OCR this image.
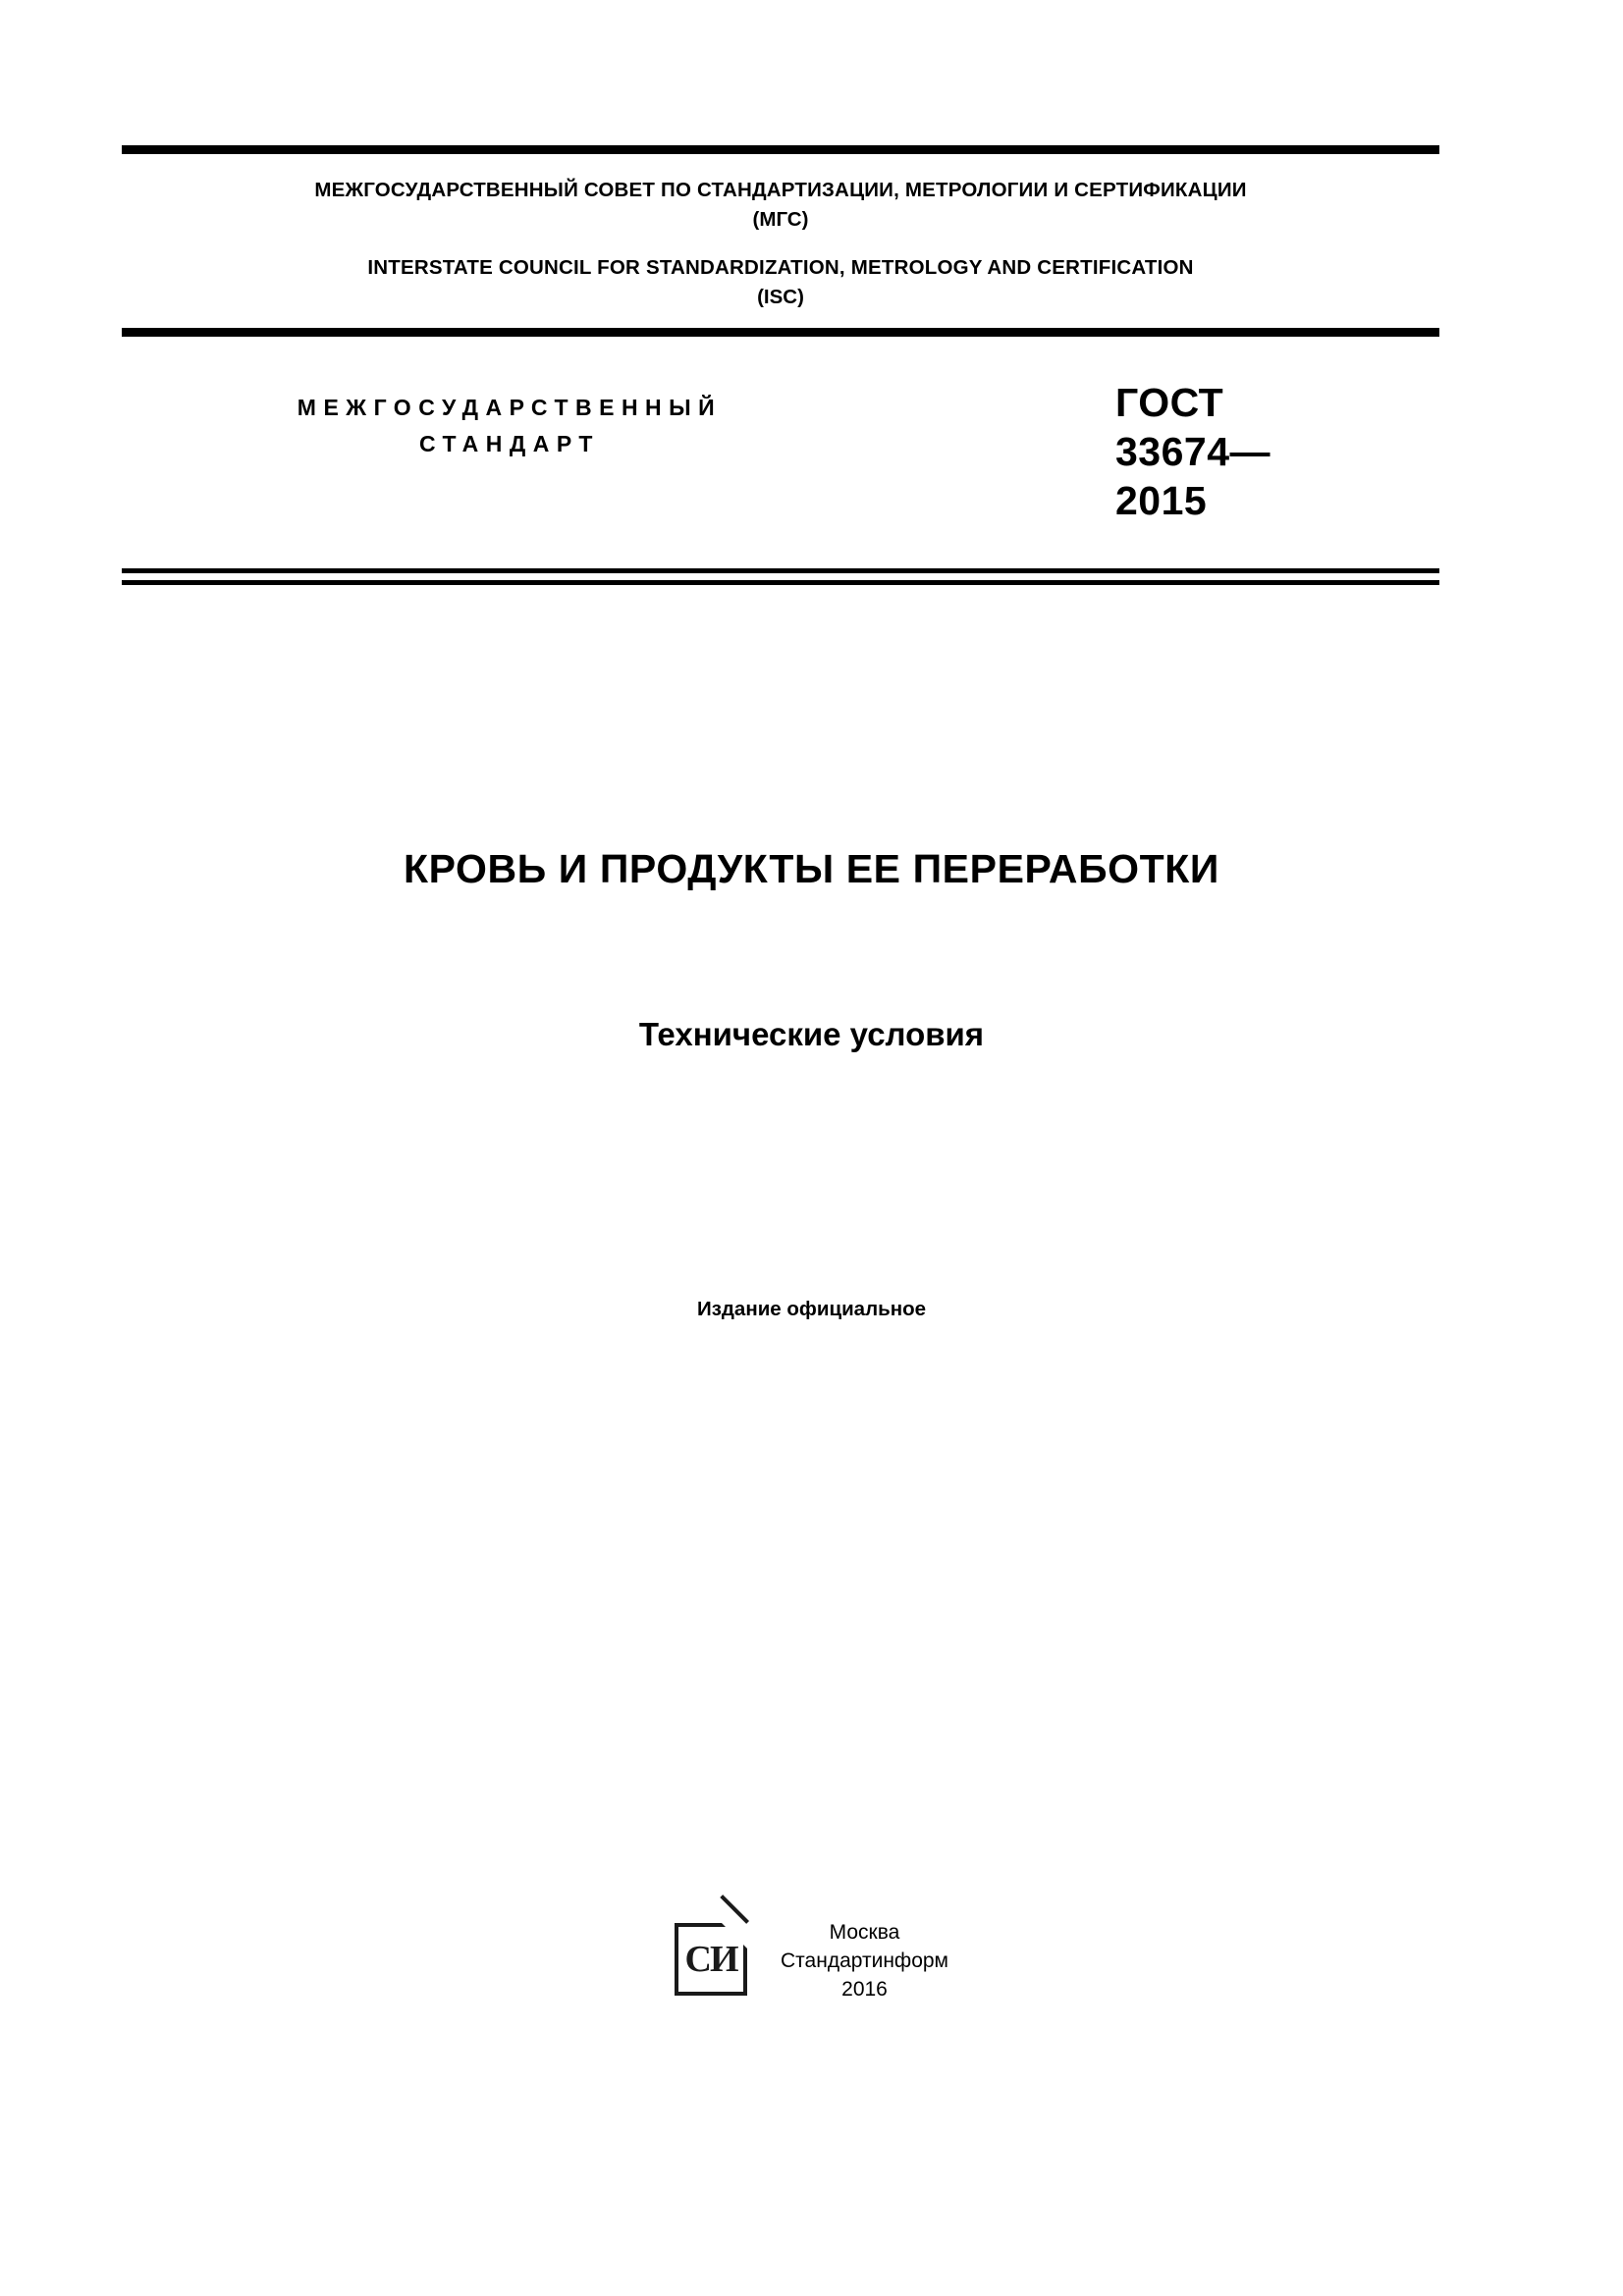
МЕЖГОСУДАРСТВЕННЫЙ СОВЕТ ПО СТАНДАРТИЗАЦИИ, МЕТРОЛОГИИ И СЕРТИФИКАЦИИ
(МГС)
INTERSTATE COUNCIL FOR STANDARDIZATION, METROLOGY AND CERTIFICATION
(ISC)
МЕЖГОСУДАРСТВЕННЫЙ
СТАНДАРТ
ГОСТ
33674—
2015
КРОВЬ И ПРОДУКТЫ ЕЕ ПЕРЕРАБОТКИ
Технические условия
Издание официальное
СИ
Москва
Стандартинформ
2016
